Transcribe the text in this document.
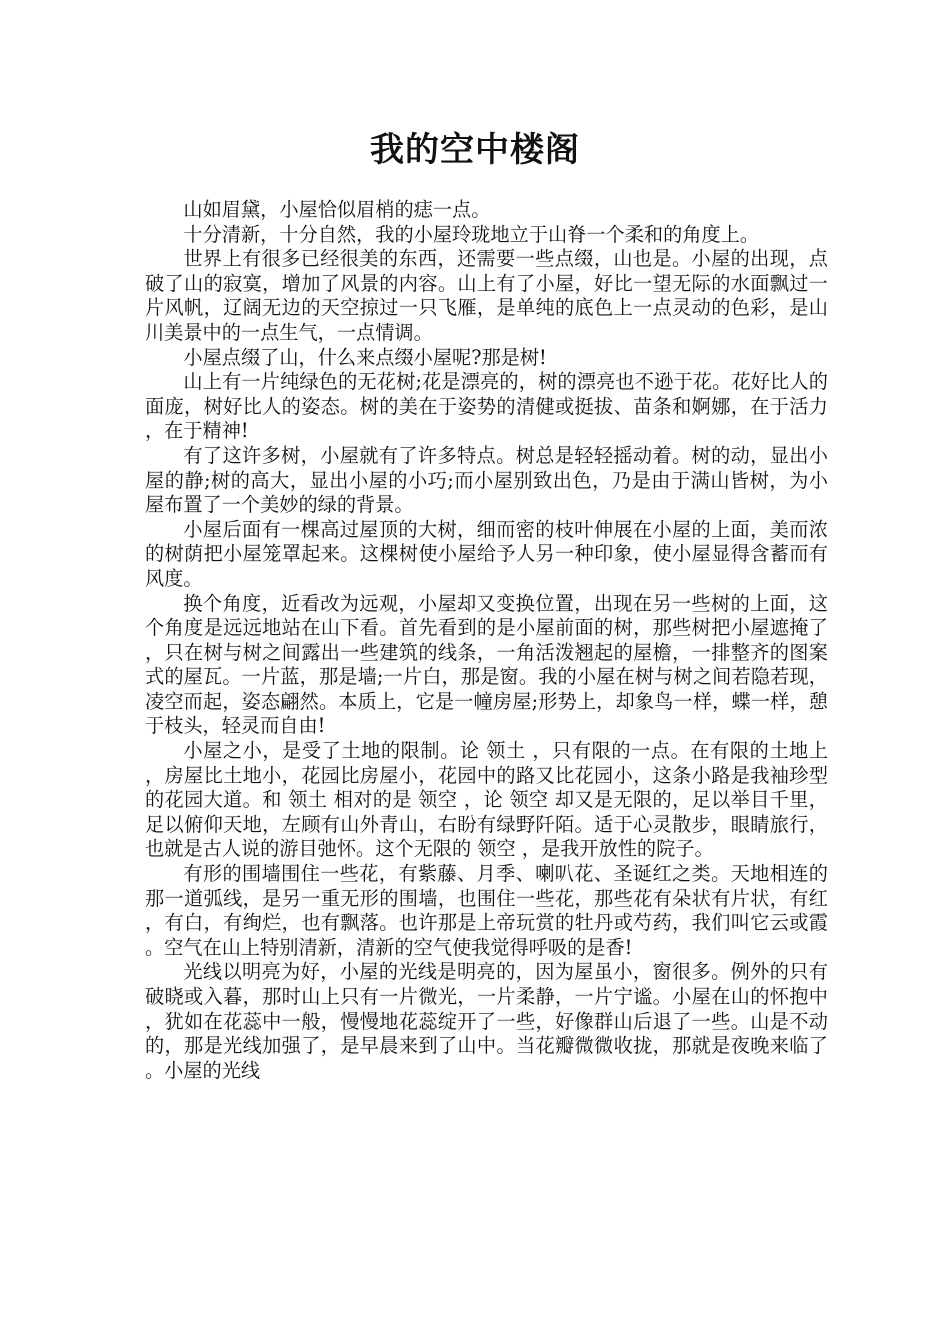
我的空中楼阁

山如眉黛，小屋恰似眉梢的痣一点。

十分清新，十分自然，我的小屋玲珑地立于山脊一个柔和的角度上。

世界上有很多已经很美的东西，还需要一些点缀，山也是。小屋的出现，点破了山的寂寞，增加了风景的内容。山上有了小屋，好比一望无际的水面飘过一片风帆，辽阔无边的天空掠过一只飞雁，是单纯的底色上一点灵动的色彩，是山川美景中的一点生气，一点情调。

小屋点缀了山，什么来点缀小屋呢?那是树!

山上有一片纯绿色的无花树;花是漂亮的，树的漂亮也不逊于花。花好比人的面庞，树好比人的姿态。树的美在于姿势的清健或挺拔、苗条和婀娜，在于活力，在于精神!

有了这许多树，小屋就有了许多特点。树总是轻轻摇动着。树的动，显出小屋的静;树的高大，显出小屋的小巧;而小屋别致出色，乃是由于满山皆树，为小屋布置了一个美妙的绿的背景。

小屋后面有一棵高过屋顶的大树，细而密的枝叶伸展在小屋的上面，美而浓的树荫把小屋笼罩起来。这棵树使小屋给予人另一种印象，使小屋显得含蓄而有风度。

换个角度，近看改为远观，小屋却又变换位置，出现在另一些树的上面，这个角度是远远地站在山下看。首先看到的是小屋前面的树，那些树把小屋遮掩了，只在树与树之间露出一些建筑的线条，一角活泼翘起的屋檐，一排整齐的图案式的屋瓦。一片蓝，那是墙;一片白，那是窗。我的小屋在树与树之间若隐若现，凌空而起，姿态翩然。本质上，它是一幢房屋;形势上，却象鸟一样，蝶一样，憩于枝头，轻灵而自由!

小屋之小，是受了土地的限制。论 领土 ，只有限的一点。在有限的土地上，房屋比土地小，花园比房屋小，花园中的路又比花园小，这条小路是我袖珍型的花园大道。和 领土 相对的是 领空 ，论 领空 却又是无限的，足以举目千里，足以俯仰天地，左顾有山外青山，右盼有绿野阡陌。适于心灵散步，眼睛旅行，也就是古人说的游目弛怀。这个无限的 领空 ，是我开放性的院子。

有形的围墙围住一些花，有紫藤、月季、喇叭花、圣诞红之类。天地相连的那一道弧线，是另一重无形的围墙，也围住一些花，那些花有朵状有片状，有红，有白，有绚烂，也有飘落。也许那是上帝玩赏的牡丹或芍药，我们叫它云或霞。空气在山上特别清新，清新的空气使我觉得呼吸的是香!

光线以明亮为好，小屋的光线是明亮的，因为屋虽小，窗很多。例外的只有破晓或入暮，那时山上只有一片微光，一片柔静，一片宁谧。小屋在山的怀抱中，犹如在花蕊中一般，慢慢地花蕊绽开了一些，好像群山后退了一些。山是不动的，那是光线加强了，是早晨来到了山中。当花瓣微微收拢，那就是夜晚来临了。小屋的光线
